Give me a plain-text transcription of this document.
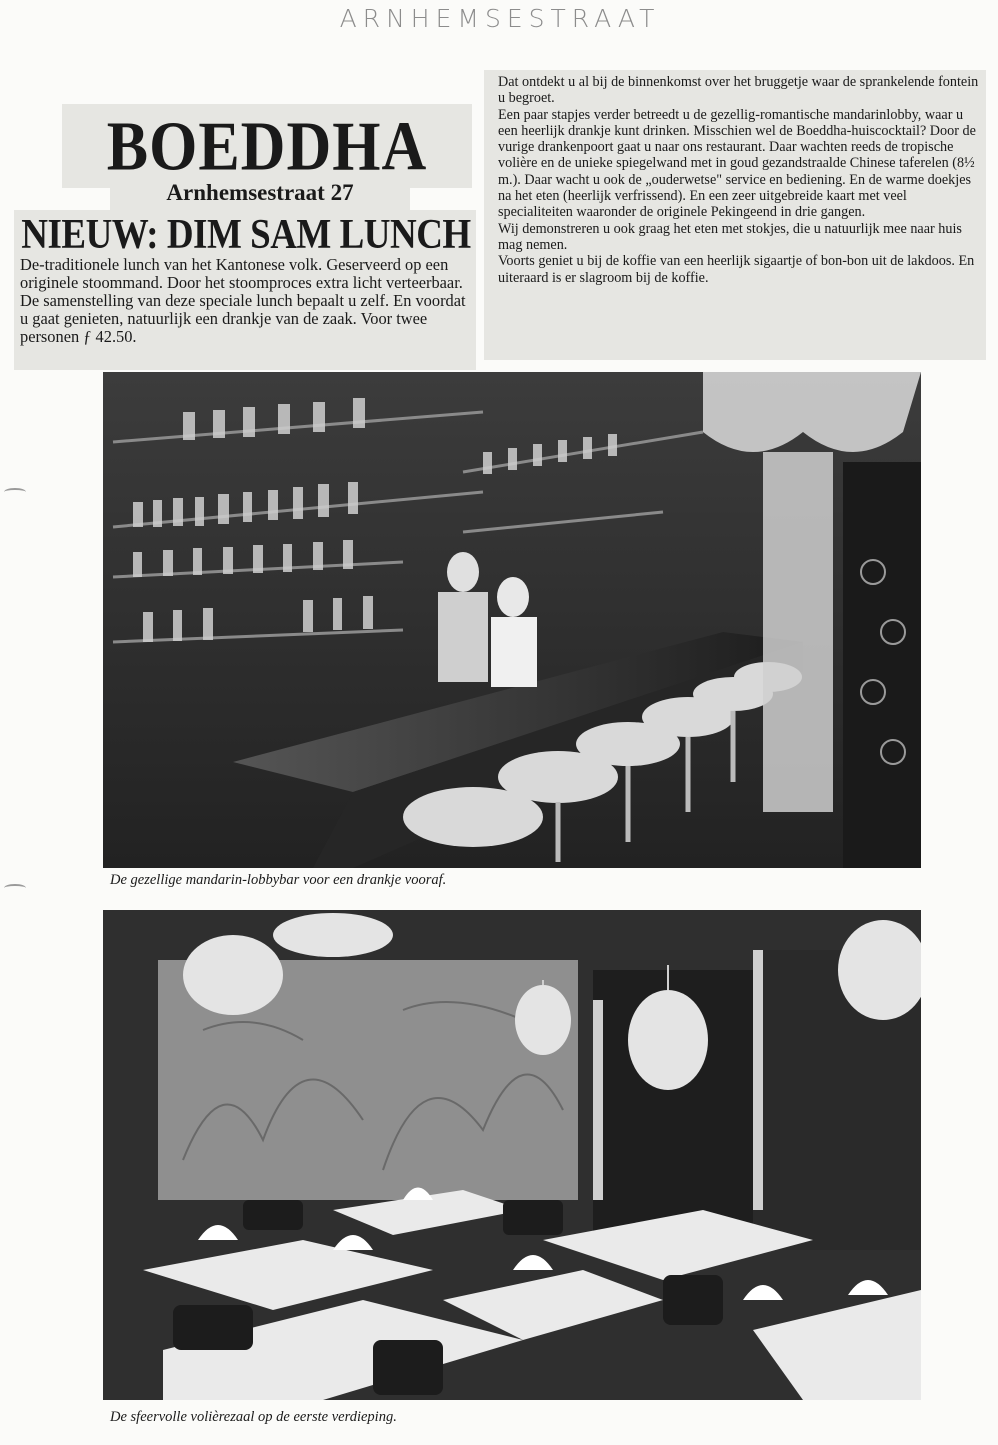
ARNHEMSESTRAAT
BOEDDHA
Arnhemsestraat 27
NIEUW: DIM SAM LUNCH

De-traditionele lunch van het Kantonese volk. Geserveerd op een originele stoommand. Door het stoomproces extra licht verteerbaar.

De samenstelling van deze speciale lunch bepaalt u zelf. En voordat u gaat genieten, natuurlijk een drankje van de zaak. Voor twee personen ƒ 42.50.

Dat ontdekt u al bij de binnenkomst over het bruggetje waar de sprankelende fontein u begroet.

Een paar stapjes verder betreedt u de gezellig-romantische mandarinlobby, waar u een heerlijk drankje kunt drinken. Misschien wel de Boeddha-huiscocktail? Door de vurige drankenpoort gaat u naar ons restaurant. Daar wachten reeds de tropische volière en de unieke spiegelwand met in goud gezandstraalde Chinese taferelen (8½ m.). Daar wacht u ook de „ouderwetse" service en bediening. En de warme doekjes na het eten (heerlijk verfrissend). En een zeer uitgebreide kaart met veel specialiteiten waaronder de originele Pekingeend in drie gangen.

Wij demonstreren u ook graag het eten met stokjes, die u natuurlijk mee naar huis mag nemen.

Voorts geniet u bij de koffie van een heerlijk sigaartje of bon-bon uit de lakdoos. En uiteraard is er slagroom bij de koffie.

De gezellige mandarin-lobbybar voor een drankje vooraf.
De sfeervolle volièrezaal op de eerste verdieping.
